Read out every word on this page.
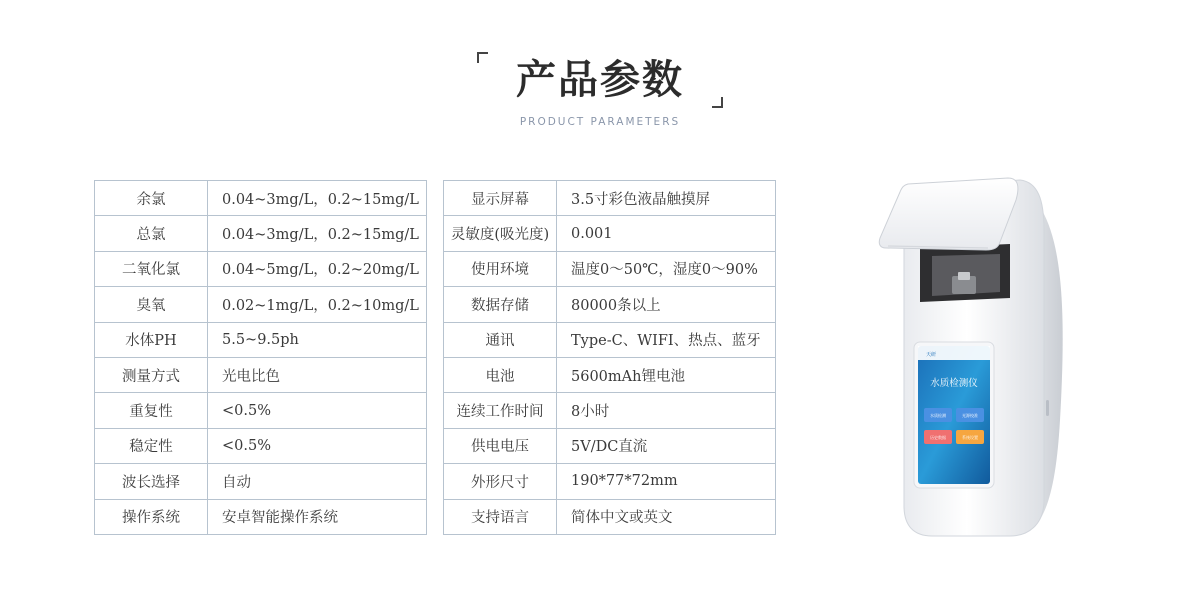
产品参数
PRODUCT PARAMETERS
余氯	0.04~3mg/L，0.2~15mg/L
总氯	0.04~3mg/L，0.2~15mg/L
二氧化氯	0.04~5mg/L，0.2~20mg/L
臭氧	0.02~1mg/L，0.2~10mg/L
水体PH	5.5~9.5ph
测量方式	光电比色
重复性	<0.5%
稳定性	<0.5%
波长选择	自动
操作系统	安卓智能操作系统
显示屏幕	3.5寸彩色液晶触摸屏
灵敏度(吸光度)	0.001
使用环境	温度0～50℃，湿度0～90%
数据存储	80000条以上
通讯	Type-C、WIFI、热点、蓝牙
电池	5600mAh锂电池
连续工作时间	8小时
供电电压	5V/DC直流
外形尺寸	190*77*72mm
支持语言	简体中文或英文
天研
水质检测仪
水质检测	光源校准
历史数据	系统设置
